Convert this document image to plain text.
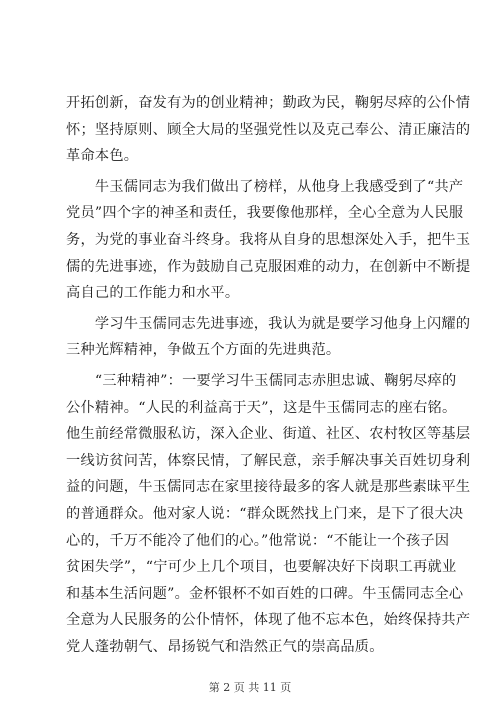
开拓创新，奋发有为的创业精神；勤政为民，鞠躬尽瘁的公仆情
怀；坚持原则、顾全大局的坚强党性以及克己奉公、清正廉洁的
革命本色。
　　牛玉儒同志为我们做出了榜样，从他身上我感受到了“共产
党员”四个字的神圣和责任，我要像他那样，全心全意为人民服
务，为党的事业奋斗终身。我将从自身的思想深处入手，把牛玉
儒的先进事迹，作为鼓励自己克服困难的动力，在创新中不断提
高自己的工作能力和水平。
　　学习牛玉儒同志先进事迹，我认为就是要学习他身上闪耀的
三种光辉精神，争做五个方面的先进典范。
　　“三种精神”：一要学习牛玉儒同志赤胆忠诚、鞠躬尽瘁的
公仆精神。“人民的利益高于天”，这是牛玉儒同志的座右铭。
他生前经常微服私访，深入企业、街道、社区、农村牧区等基层
一线访贫问苦，体察民情，了解民意，亲手解决事关百姓切身利
益的问题，牛玉儒同志在家里接待最多的客人就是那些素昧平生
的普通群众。他对家人说：“群众既然找上门来，是下了很大决
心的，千万不能冷了他们的心。”他常说：“不能让一个孩子因
贫困失学”，“宁可少上几个项目，也要解决好下岗职工再就业
和基本生活问题”。金杯银杯不如百姓的口碑。牛玉儒同志全心
全意为人民服务的公仆情怀，体现了他不忘本色，始终保持共产
党人蓬勃朝气、昂扬锐气和浩然正气的崇高品质。
第 2 页 共 11 页
